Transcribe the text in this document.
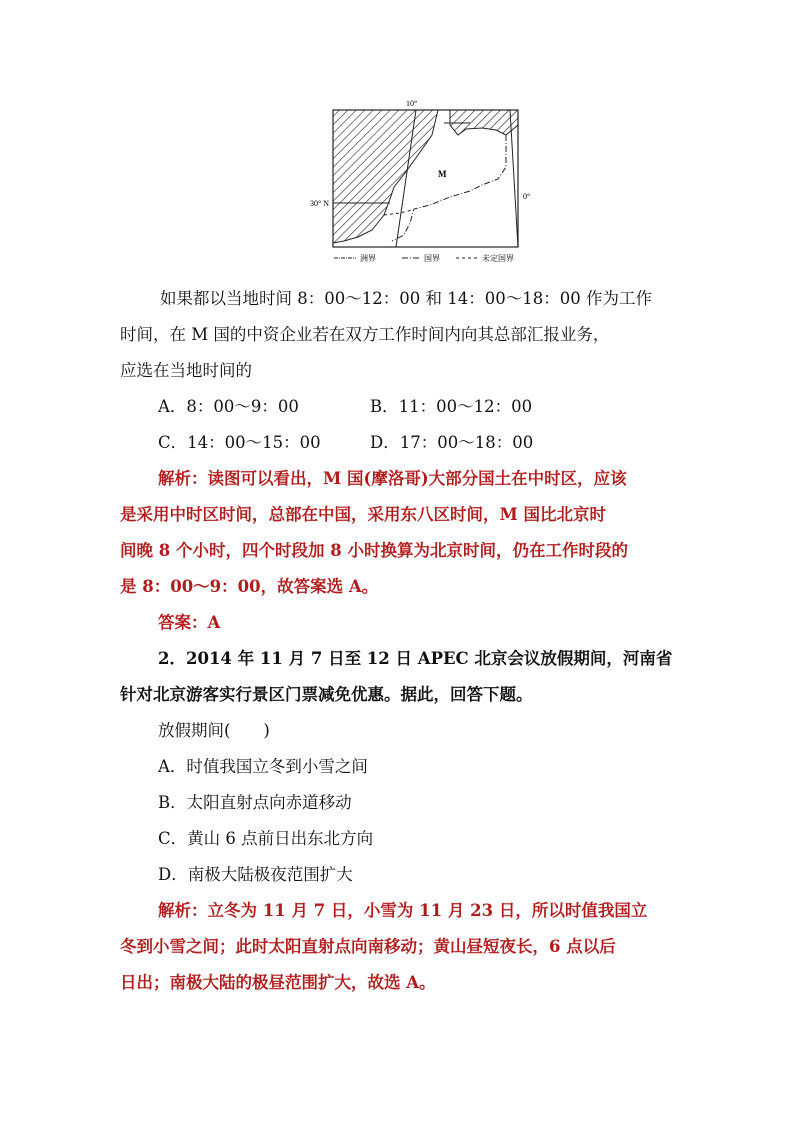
10°
0°
30° N
M
洲界	国界	未定国界
如果都以当地时间 8：00～12：00 和 14：00～18：00 作为工作
时间，在 M 国的中资企业若在双方工作时间内向其总部汇报业务，
应选在当地时间的
A．8：00～9：00	B．11：00～12：00
C．14：00～15：00	D．17：00～18：00
解析：读图可以看出，M 国(摩洛哥)大部分国土在中时区，应该
是采用中时区时间，总部在中国，采用东八区时间，M 国比北京时
间晚 8 个小时，四个时段加 8 小时换算为北京时间，仍在工作时段的
是 8：00～9：00，故答案选 A。
答案：A
2．2014 年 11 月 7 日至 12 日 APEC 北京会议放假期间，河南省
针对北京游客实行景区门票减免优惠。据此，回答下题。
放假期间(　　)
A．时值我国立冬到小雪之间
B．太阳直射点向赤道移动
C．黄山 6 点前日出东北方向
D．南极大陆极夜范围扩大
解析：立冬为 11 月 7 日，小雪为 11 月 23 日，所以时值我国立
冬到小雪之间；此时太阳直射点向南移动；黄山昼短夜长，6 点以后
日出；南极大陆的极昼范围扩大，故选 A。
